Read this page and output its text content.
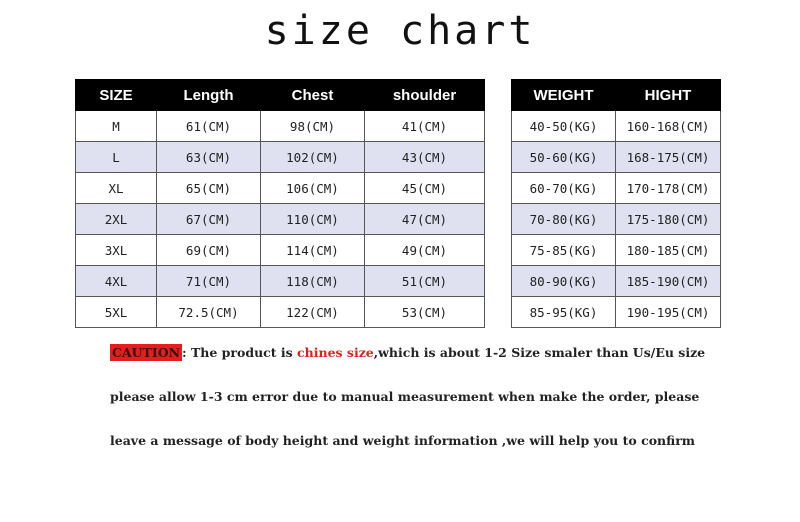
size chart
SIZE	Length	Chest	shoulder
M	61(CM)	98(CM)	41(CM)
L	63(CM)	102(CM)	43(CM)
XL	65(CM)	106(CM)	45(CM)
2XL	67(CM)	110(CM)	47(CM)
3XL	69(CM)	114(CM)	49(CM)
4XL	71(CM)	118(CM)	51(CM)
5XL	72.5(CM)	122(CM)	53(CM)
WEIGHT	HIGHT
40-50(KG)	160-168(CM)
50-60(KG)	168-175(CM)
60-70(KG)	170-178(CM)
70-80(KG)	175-180(CM)
75-85(KG)	180-185(CM)
80-90(KG)	185-190(CM)
85-95(KG)	190-195(CM)
CAUTION : The product is chines size,which is about 1-2 Size smaler than Us/Eu size
please allow 1-3 cm error due to manual measurement when make the order, please
leave a message of body height and weight information ,we will help you to confirm
